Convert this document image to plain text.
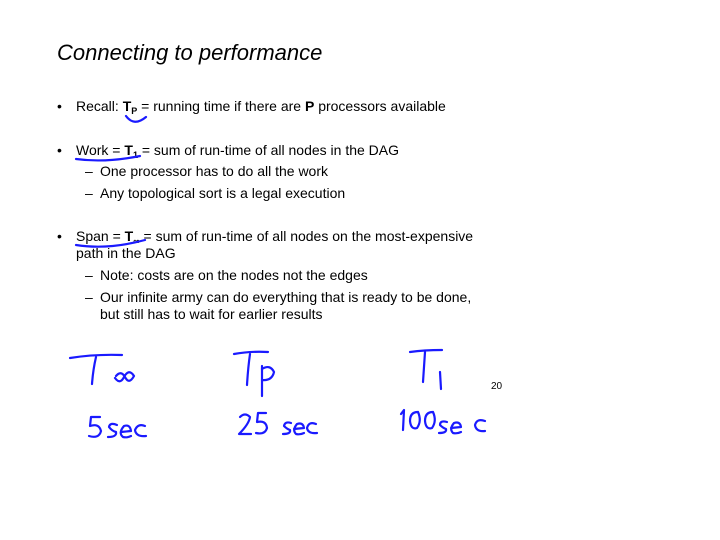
Connecting to performance
• Recall: $T_P$ = running time if there are P processors available
• Work = $T_1$ = sum of run-time of all nodes in the DAG
– One processor has to do all the work
– Any topological sort is a legal execution
• Span = $T_\infty$ = sum of run-time of all nodes on the most-expensive
path in the DAG
– Note: costs are on the nodes not the edges
– Our infinite army can do everything that is ready to be done,
but still has to wait for earlier results
20
